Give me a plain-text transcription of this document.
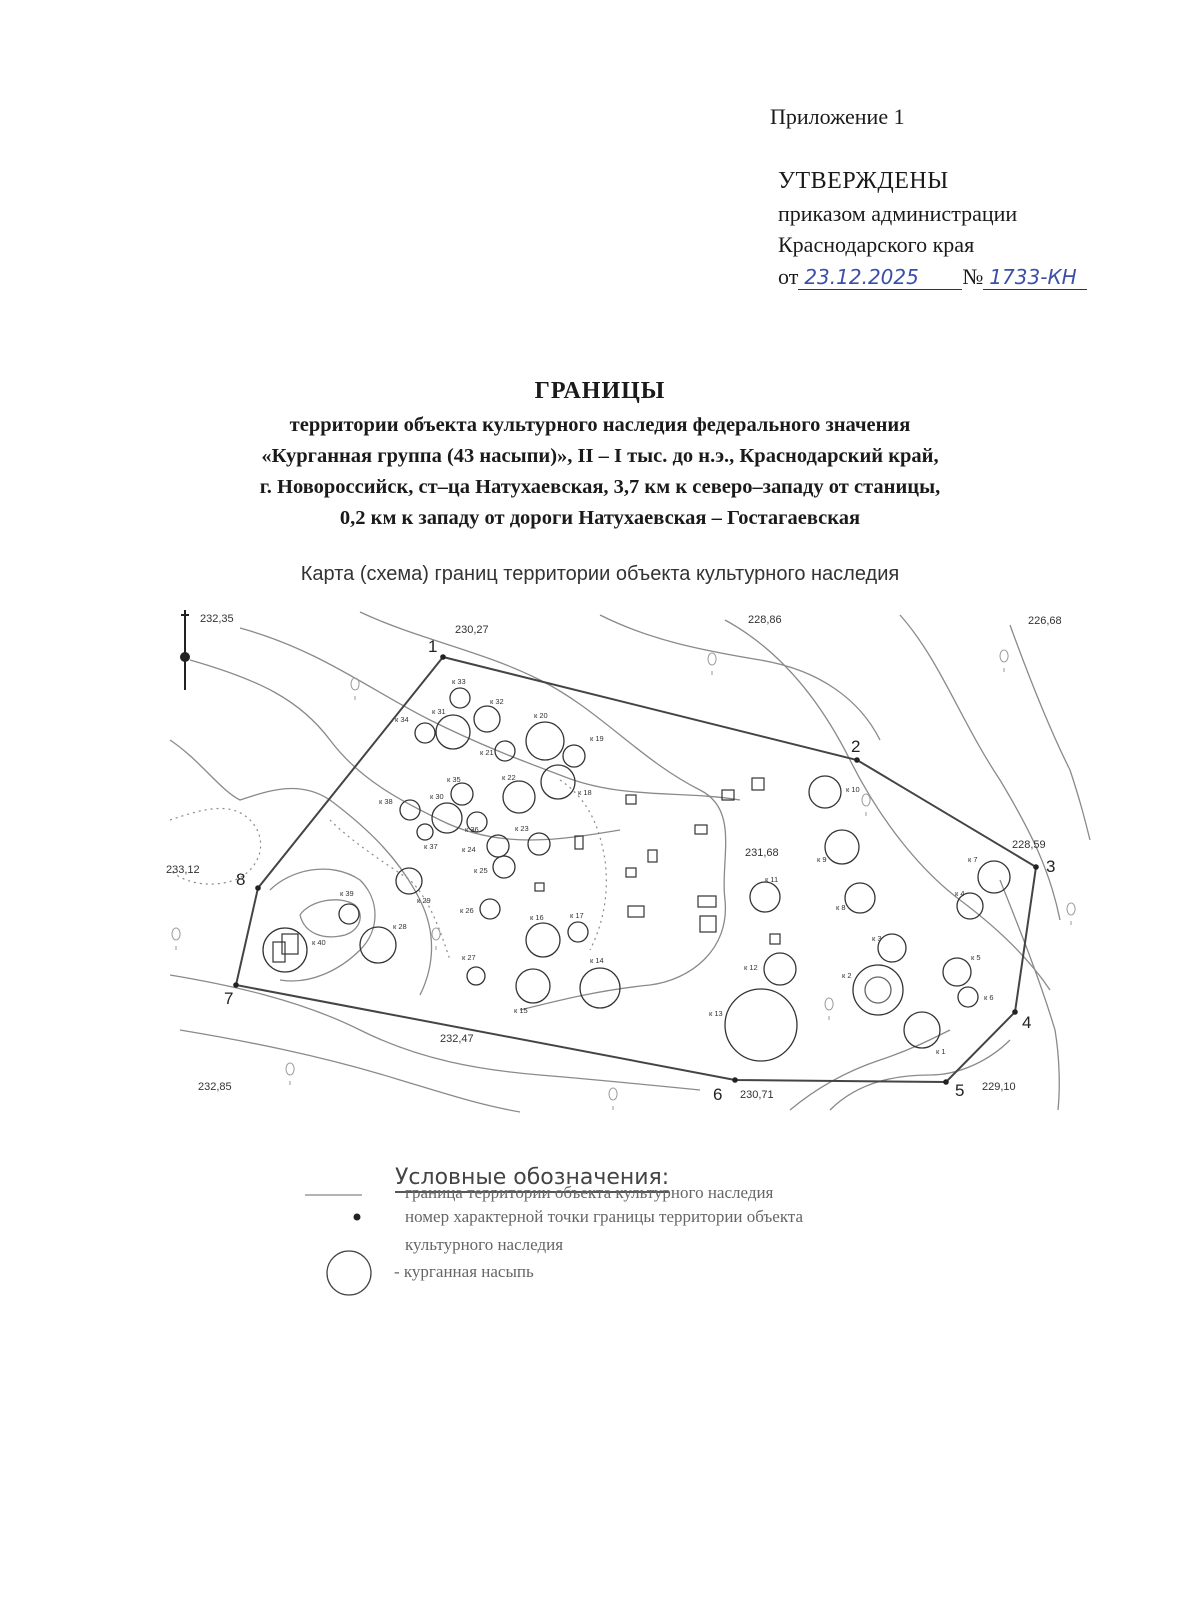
Приложение 1
УТВЕРЖДЕНЫ
приказом администрации
Краснодарского края
от 23.12.2025 № 1733-КН
ГРАНИЦЫ
территории объекта культурного наследия федерального значения
«Курганная группа (43 насыпи)», II – I тыс. до н.э., Краснодарский край,
г. Новороссийск, ст–ца Натухаевская, 3,7 км к северо–западу от станицы,
0,2 км к западу от дороги Натухаевская – Гостагаевская
Карта (схема) границ территории объекта культурного наследия
1
2
3
4
5
6
7
8
232,35
230,27
228,86	226,68
231,68
233,12
228,59
232,47
232,85
230,71
229,10
к 1
к 2
к 3
к 4
к 5
к 6
к 7
к 8
к 9
к 10
к 11
к 12
к 13
к 14
к 15
к 16	к 17
к 18
к 19
к 20
к 21
к 22
к 23
к 24
к 25
к 26
к 27
к 28
к 29
к 30
к 31
к 32
к 33
к 34
к 35
к 36
к 37
к 38
к 39
к 40
Условные обозначения:
граница территории объекта культурного наследия
номер характерной точки границы территории объекта
культурного наследия
- курганная насыпь
